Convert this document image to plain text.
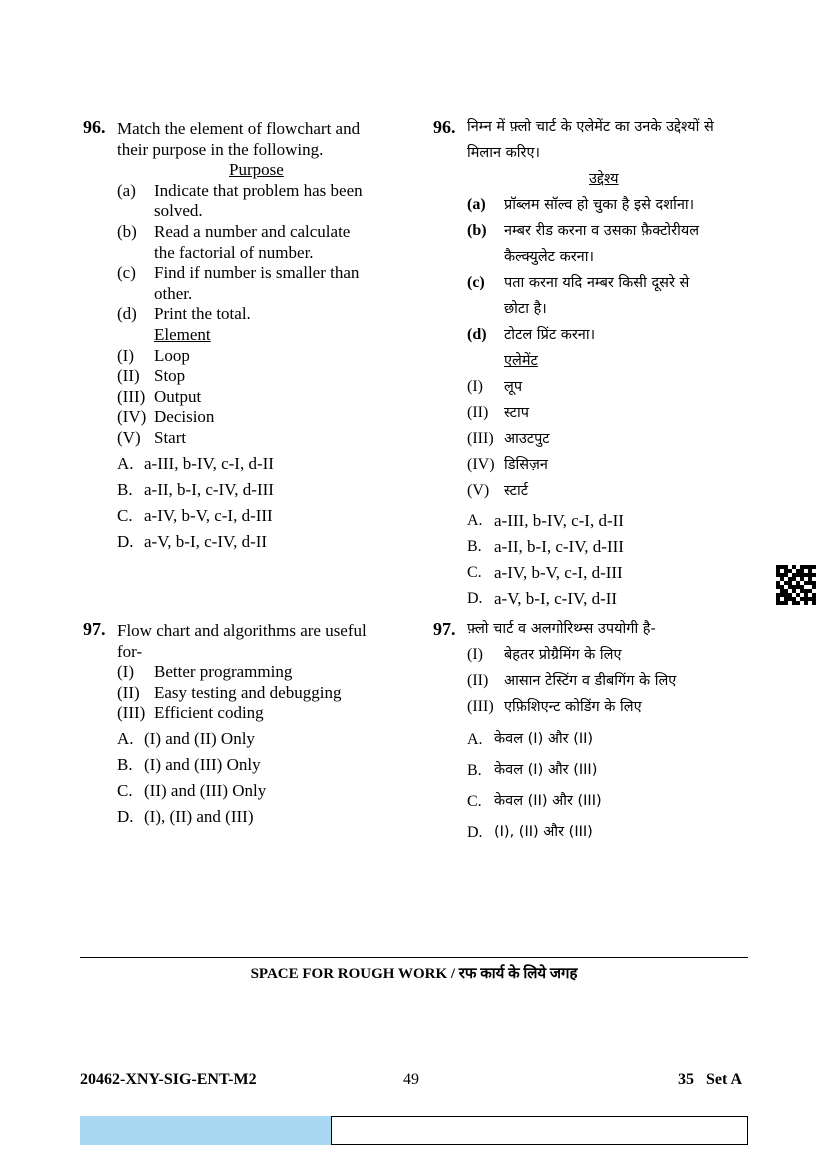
96. Match the element of flowchart and
their purpose in the following.
Purpose
(a)	Indicate that problem has been
solved.
(b)	Read a number and calculate
the factorial of number.
(c)	Find if number is smaller than
other.
(d)	Print the total.
Element
(I)	Loop
(II) Stop
(III) Output
(IV) Decision
(V) Start
A. a-III, b-IV, c-I, d-II
B. a-II, b-I, c-IV, d-III
C. a-IV, b-V, c-I, d-III
D. a-V, b-I, c-IV, d-II
96. निम्न में फ़्लो चार्ट के एलेमेंट का उनके उद्देश्यों से
मिलान करिए।
उद्देश्य
(a)	प्रॉब्लम सॉल्व हो चुका है इसे दर्शाना।
(b)	नम्बर रीड करना व उसका फ़ैक्टोरीयल
कैल्क्युलेट करना।
(c)	पता करना यदि नम्बर किसी दूसरे से
छोटा है।
(d)	टोटल प्रिंट करना।
एलेमेंट
(I)	लूप
(II)	स्टाप
(III) आउटपुट
(IV) डिसिज़न
(V)	स्टार्ट
A. a-III, b-IV, c-I, d-II
B. a-II, b-I, c-IV, d-III
C. a-IV, b-V, c-I, d-III
D. a-V, b-I, c-IV, d-II
97. Flow chart and algorithms are useful
for-
(I)	Better programming
(II) Easy testing and debugging
(III) Efficient coding
A. (I) and (II) Only
B. (I) and (III) Only
C. (II) and (III) Only
D. (I), (II) and (III)
97. फ़्लो चार्ट व अलगोरिथ्म्स उपयोगी है-
(I)	बेहतर प्रोग्रैमिंग के लिए
(II)	आसान टेस्टिंग व डीबगिंग के लिए
(III) एफ़िशिएन्ट कोडिंग के लिए
A. केवल (I) और (II)
B. केवल (I) और (III)
C. केवल (II) और (III)
D. (I), (II) और (III)
SPACE FOR ROUGH WORK / रफ कार्य के लिये जगह
20462-XNY-SIG-ENT-M2	49	35 Set A
